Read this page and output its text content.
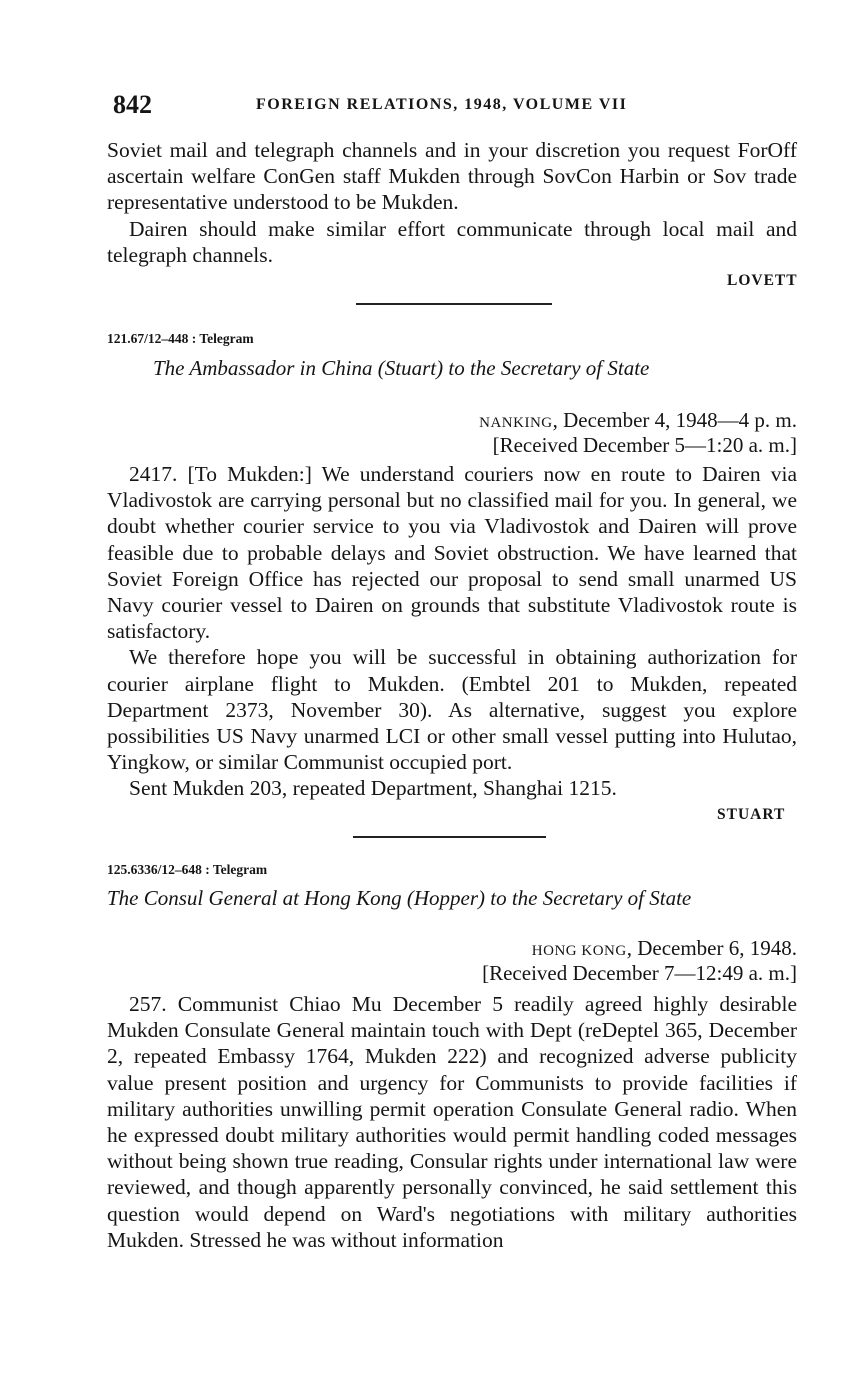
842	FOREIGN RELATIONS, 1948, VOLUME VII

Soviet mail and telegraph channels and in your discretion you request ForOff ascertain welfare ConGen staff Mukden through SovCon Harbin or Sov trade representative understood to be Mukden.

Dairen should make similar effort communicate through local mail and telegraph channels.

LOVETT
121.67/12–448 : Telegram
The Ambassador in China (Stuart) to the Secretary of State
NANKING, December 4, 1948—4 p. m.
[Received December 5—1:20 a. m.]

2417. [To Mukden:] We understand couriers now en route to Dairen via Vladivostok are carrying personal but no classified mail for you. In general, we doubt whether courier service to you via Vladivostok and Dairen will prove feasible due to probable delays and Soviet obstruction. We have learned that Soviet Foreign Office has rejected our proposal to send small unarmed US Navy courier vessel to Dairen on grounds that substitute Vladivostok route is satisfactory.

We therefore hope you will be successful in obtaining authorization for courier airplane flight to Mukden. (Embtel 201 to Mukden, repeated Department 2373, November 30). As alternative, suggest you explore possibilities US Navy unarmed LCI or other small vessel putting into Hulutao, Yingkow, or similar Communist occupied port.

Sent Mukden 203, repeated Department, Shanghai 1215.

STUART
125.6336/12–648 : Telegram
The Consul General at Hong Kong (Hopper) to the Secretary of State
HONG KONG, December 6, 1948.
[Received December 7—12:49 a. m.]

257. Communist Chiao Mu December 5 readily agreed highly desirable Mukden Consulate General maintain touch with Dept (reDeptel 365, December 2, repeated Embassy 1764, Mukden 222) and recognized adverse publicity value present position and urgency for Communists to provide facilities if military authorities unwilling permit operation Consulate General radio. When he expressed doubt military authorities would permit handling coded messages without being shown true reading, Consular rights under international law were reviewed, and though apparently personally convinced, he said settlement this question would depend on Ward's negotiations with military authorities Mukden. Stressed he was without information
